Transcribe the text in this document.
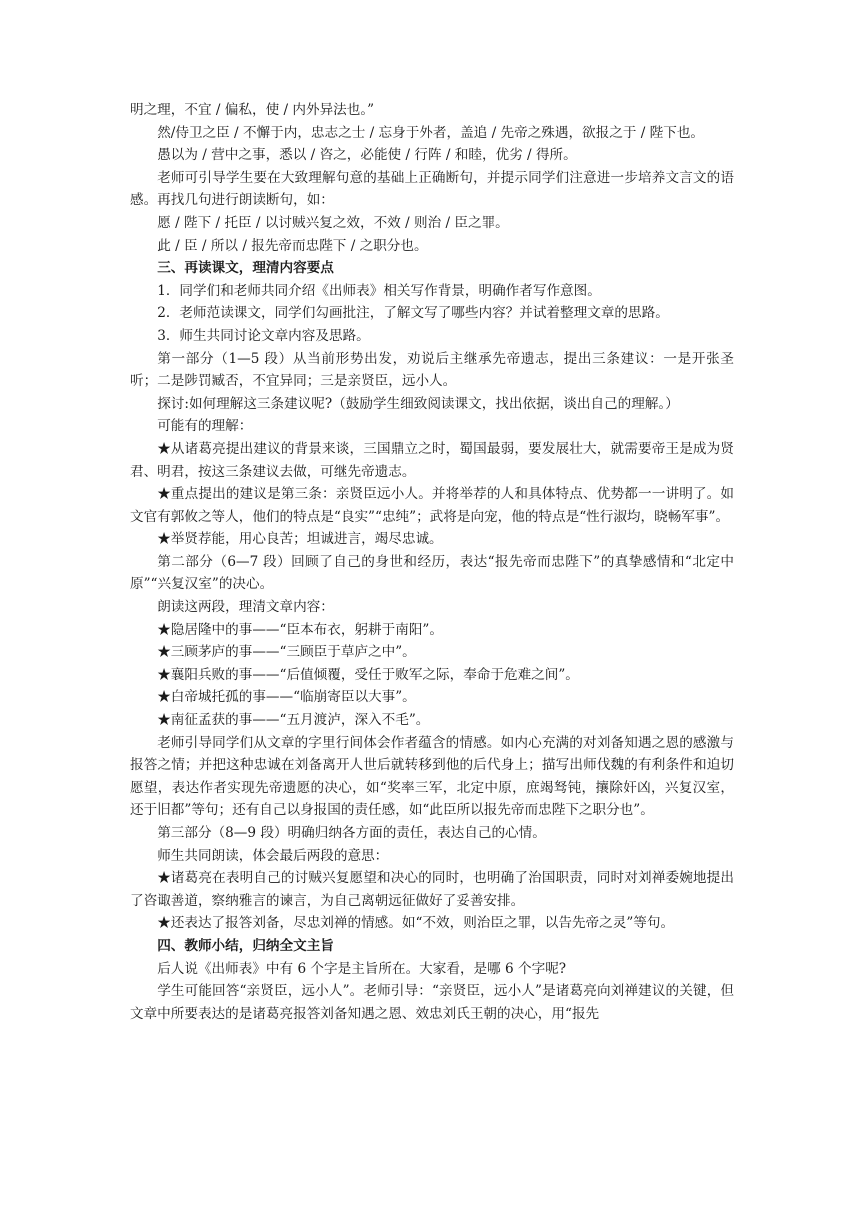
明之理，不宜 / 偏私，使 / 内外异法也。”

然/侍卫之臣 / 不懈于内，忠志之士 / 忘身于外者，盖追 / 先帝之殊遇，欲报之于 / 陛下也。

愚以为 / 营中之事，悉以 / 咨之，必能使 / 行阵 / 和睦，优劣 / 得所。

老师可引导学生要在大致理解句意的基础上正确断句，并提示同学们注意进一步培养文言文的语感。再找几句进行朗读断句，如：

愿 / 陛下 / 托臣 / 以讨贼兴复之效，不效 / 则治 / 臣之罪。

此 / 臣 / 所以 / 报先帝而忠陛下 / 之职分也。

三、再读课文，理清内容要点

1．同学们和老师共同介绍《出师表》相关写作背景，明确作者写作意图。

2．老师范读课文，同学们勾画批注，了解文写了哪些内容？并试着整理文章的思路。

3．师生共同讨论文章内容及思路。

第一部分（1—5 段）从当前形势出发，劝说后主继承先帝遗志，提出三条建议：一是开张圣听；二是陟罚臧否，不宜异同；三是亲贤臣，远小人。

探讨:如何理解这三条建议呢?（鼓励学生细致阅读课文，找出依据，谈出自己的理解。）

可能有的理解：

★从诸葛亮提出建议的背景来谈，三国鼎立之时，蜀国最弱，要发展壮大，就需要帝王是成为贤君、明君，按这三条建议去做，可继先帝遗志。

★重点提出的建议是第三条：亲贤臣远小人。并将举荐的人和具体特点、优势都一一讲明了。如文官有郭攸之等人，他们的特点是“良实”“忠纯”；武将是向宠，他的特点是“性行淑均，晓畅军事”。

★举贤荐能，用心良苦；坦诚进言，竭尽忠诚。

第二部分（6—7 段）回顾了自己的身世和经历，表达“报先帝而忠陛下”的真挚感情和“北定中原”“兴复汉室”的决心。

朗读这两段，理清文章内容：

★隐居隆中的事——“臣本布衣，躬耕于南阳”。

★三顾茅庐的事——“三顾臣于草庐之中”。

★襄阳兵败的事——“后值倾覆，受任于败军之际，奉命于危难之间”。

★白帝城托孤的事——“临崩寄臣以大事”。

★南征孟获的事——“五月渡泸，深入不毛”。

老师引导同学们从文章的字里行间体会作者蕴含的情感。如内心充满的对刘备知遇之恩的感激与报答之情；并把这种忠诚在刘备离开人世后就转移到他的后代身上；描写出师伐魏的有利条件和迫切愿望，表达作者实现先帝遗愿的决心，如“奖率三军，北定中原，庶竭驽钝，攘除奸凶，兴复汉室，还于旧都”等句；还有自己以身报国的责任感，如“此臣所以报先帝而忠陛下之职分也”。

第三部分（8—9 段）明确归纳各方面的责任，表达自己的心情。

师生共同朗读，体会最后两段的意思：

★诸葛亮在表明自己的讨贼兴复愿望和决心的同时，也明确了治国职责，同时对刘禅委婉地提出了咨诹善道，察纳雅言的谏言，为自己离朝远征做好了妥善安排。

★还表达了报答刘备，尽忠刘禅的情感。如“不效，则治臣之罪，以告先帝之灵”等句。

四、教师小结，归纳全文主旨

后人说《出师表》中有 6 个字是主旨所在。大家看，是哪 6 个字呢?

学生可能回答“亲贤臣，远小人”。老师引导：“亲贤臣，远小人”是诸葛亮向刘禅建议的关键，但文章中所要表达的是诸葛亮报答刘备知遇之恩、效忠刘氏王朝的决心，用“报先
